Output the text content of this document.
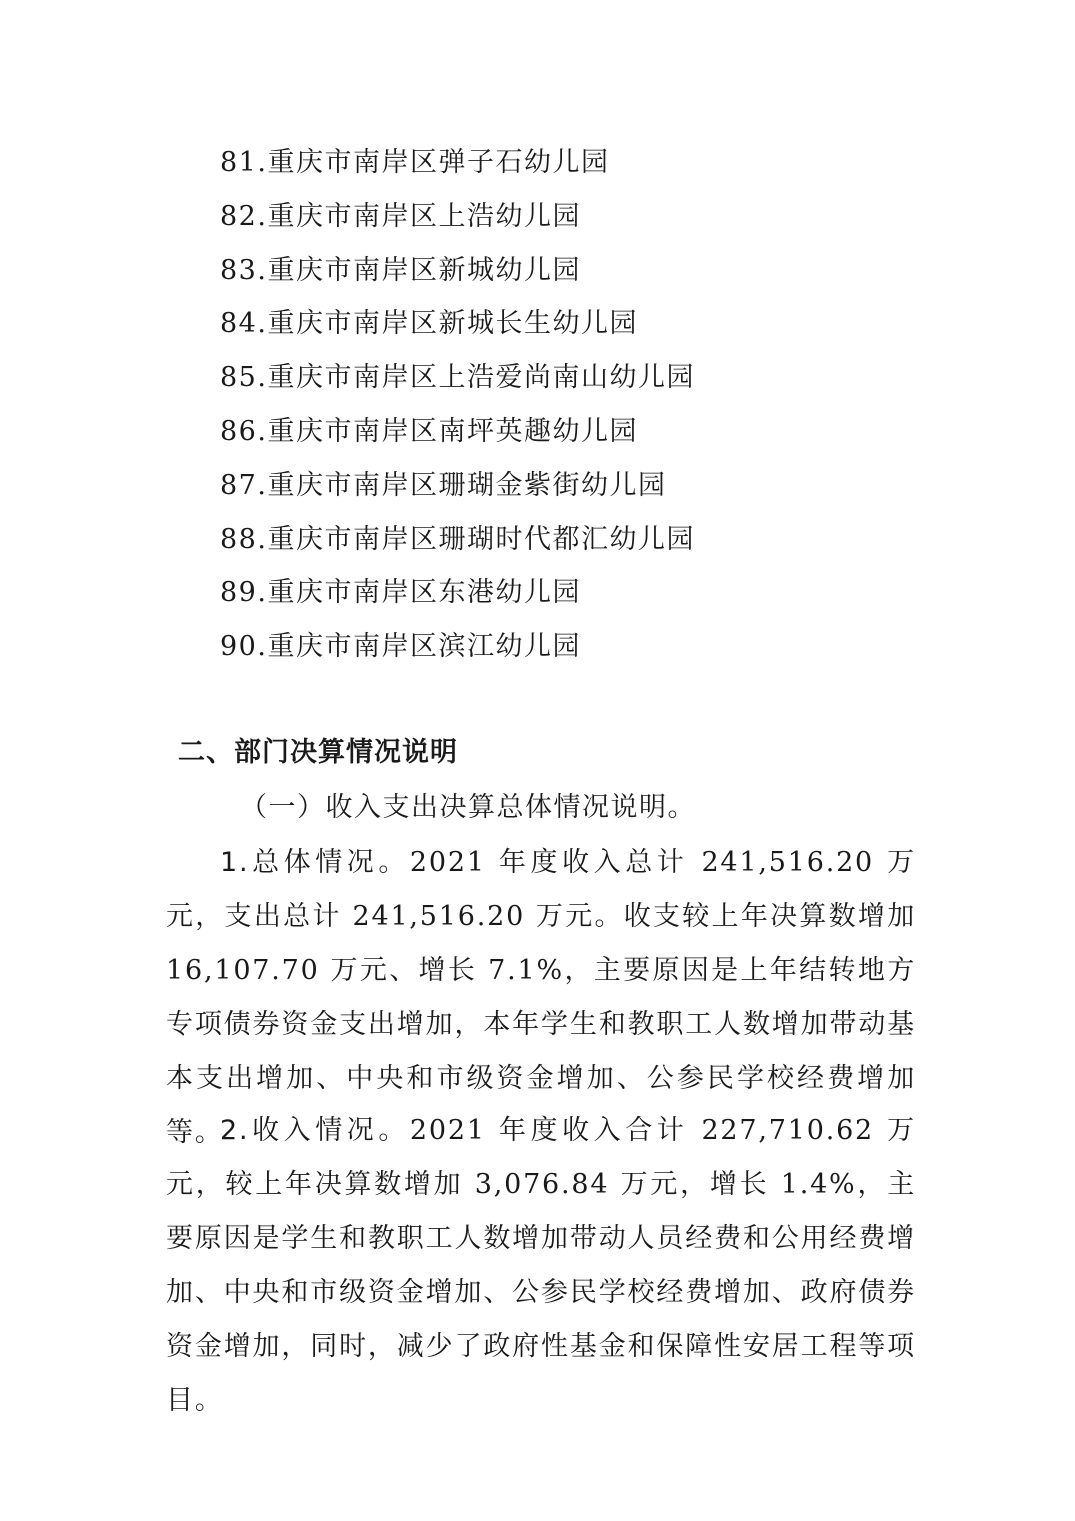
81.重庆市南岸区弹子石幼儿园
82.重庆市南岸区上浩幼儿园
83.重庆市南岸区新城幼儿园
84.重庆市南岸区新城长生幼儿园
85.重庆市南岸区上浩爱尚南山幼儿园
86.重庆市南岸区南坪英趣幼儿园
87.重庆市南岸区珊瑚金紫街幼儿园
88.重庆市南岸区珊瑚时代都汇幼儿园
89.重庆市南岸区东港幼儿园
90.重庆市南岸区滨江幼儿园
二、部门决算情况说明
（一）收入支出决算总体情况说明。

1.总体情况。2021 年度收入总计 241,516.20 万元，支出总计 241,516.20 万元。收支较上年决算数增加 16,107.70 万元、增长 7.1%，主要原因是上年结转地方专项债券资金支出增加，本年学生和教职工人数增加带动基本支出增加、中央和市级资金增加、公参民学校经费增加等。

2.收入情况。2021 年度收入合计 227,710.62 万元，较上年决算数增加 3,076.84 万元，增长 1.4%，主要原因是学生和教职工人数增加带动人员经费和公用经费增加、中央和市级资金增加、公参民学校经费增加、政府债券资金增加，同时，减少了政府性基金和保障性安居工程等项目。
